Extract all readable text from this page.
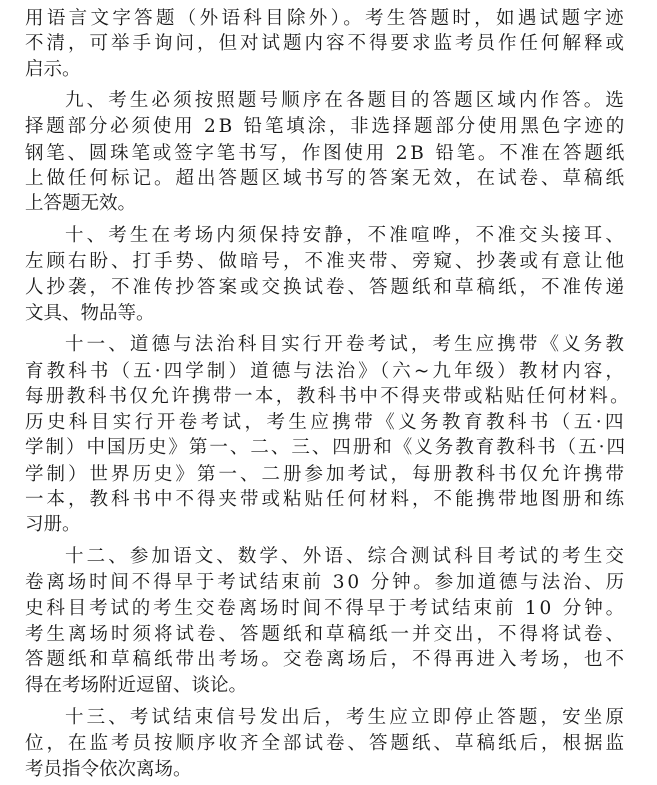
用语言文字答题（外语科目除外）。考生答题时，如遇试题字迹
不清，可举手询问，但对试题内容不得要求监考员作任何解释或
启示。
九、考生必须按照题号顺序在各题目的答题区域内作答。选
择题部分必须使用 2B 铅笔填涂，非选择题部分使用黑色字迹的
钢笔、圆珠笔或签字笔书写，作图使用 2B 铅笔。不准在答题纸
上做任何标记。超出答题区域书写的答案无效，在试卷、草稿纸
上答题无效。
十、考生在考场内须保持安静，不准喧哗，不准交头接耳、
左顾右盼、打手势、做暗号，不准夹带、旁窥、抄袭或有意让他
人抄袭，不准传抄答案或交换试卷、答题纸和草稿纸，不准传递
文具、物品等。
十一、道德与法治科目实行开卷考试，考生应携带《义务教
育教科书（五·四学制）道德与法治》（六~九年级）教材内容，
每册教科书仅允许携带一本，教科书中不得夹带或粘贴任何材料。
历史科目实行开卷考试，考生应携带《义务教育教科书（五·四
学制）中国历史》第一、二、三、四册和《义务教育教科书（五·四
学制）世界历史》第一、二册参加考试，每册教科书仅允许携带
一本，教科书中不得夹带或粘贴任何材料，不能携带地图册和练
习册。
十二、参加语文、数学、外语、综合测试科目考试的考生交
卷离场时间不得早于考试结束前 30 分钟。参加道德与法治、历
史科目考试的考生交卷离场时间不得早于考试结束前 10 分钟。
考生离场时须将试卷、答题纸和草稿纸一并交出，不得将试卷、
答题纸和草稿纸带出考场。交卷离场后，不得再进入考场，也不
得在考场附近逗留、谈论。
十三、考试结束信号发出后，考生应立即停止答题，安坐原
位，在监考员按顺序收齐全部试卷、答题纸、草稿纸后，根据监
考员指令依次离场。
